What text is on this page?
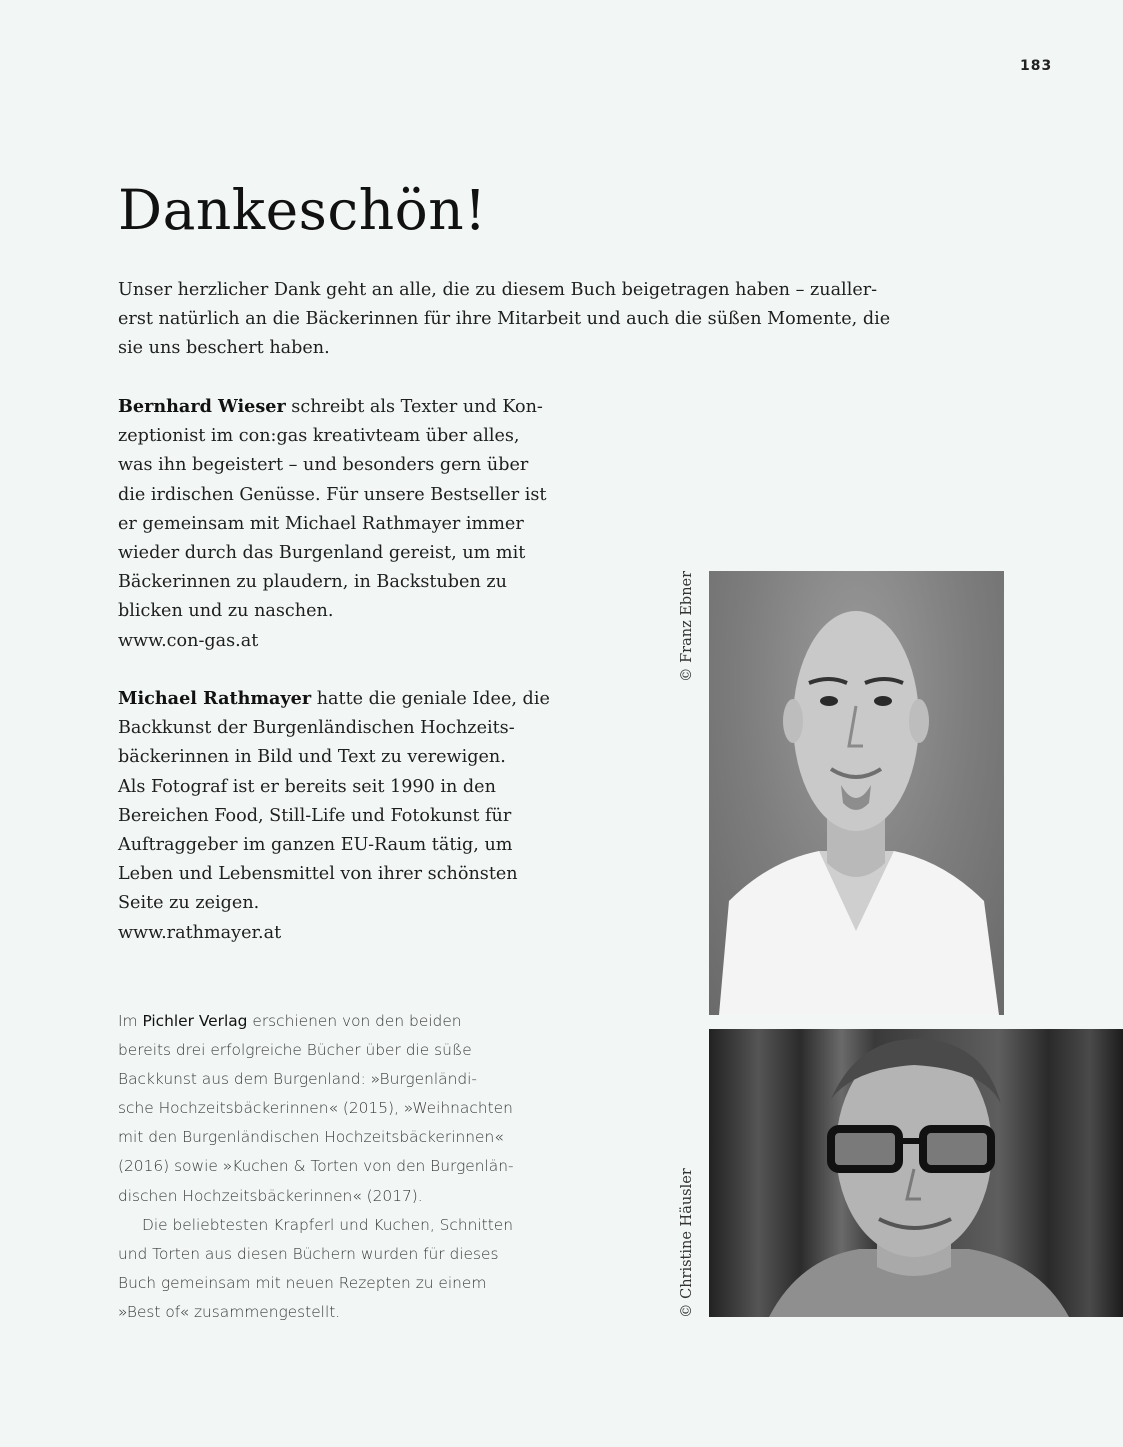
183
Dankeschön!

Unser herzlicher Dank geht an alle, die zu diesem Buch beigetragen haben – zualler-
erst natürlich an die Bäckerinnen für ihre Mitarbeit und auch die süßen Momente, die
sie uns beschert haben.

Bernhard Wieser schreibt als Texter und Kon-
zeptionist im con:gas kreativteam über alles,
was ihn begeistert – und besonders gern über
die irdischen Genüsse. Für unsere Bestseller ist
er gemeinsam mit Michael Rathmayer immer
wieder durch das Burgenland gereist, um mit
Bäckerinnen zu plaudern, in Backstuben zu
blicken und zu naschen.
www.con-gas.at

Michael Rathmayer hatte die geniale Idee, die
Backkunst der Burgenländischen Hochzeits-
bäckerinnen in Bild und Text zu verewigen.
Als Fotograf ist er bereits seit 1990 in den
Bereichen Food, Still-Life und Fotokunst für
Auftraggeber im ganzen EU-Raum tätig, um
Leben und Lebensmittel von ihrer schönsten
Seite zu zeigen.
www.rathmayer.at

Im Pichler Verlag erschienen von den beiden
bereits drei erfolgreiche Bücher über die süße
Backkunst aus dem Burgenland: »Burgenländi-
sche Hochzeitsbäckerinnen« (2015), »Weihnachten
mit den Burgenländischen Hochzeitsbäckerinnen«
(2016) sowie »Kuchen & Torten von den Burgenlän-
dischen Hochzeitsbäckerinnen« (2017).
Die beliebtesten Krapferl und Kuchen, Schnitten
und Torten aus diesen Büchern wurden für dieses
Buch gemeinsam mit neuen Rezepten zu einem
»Best of« zusammengestellt.

© Franz Ebner
© Christine Häusler
